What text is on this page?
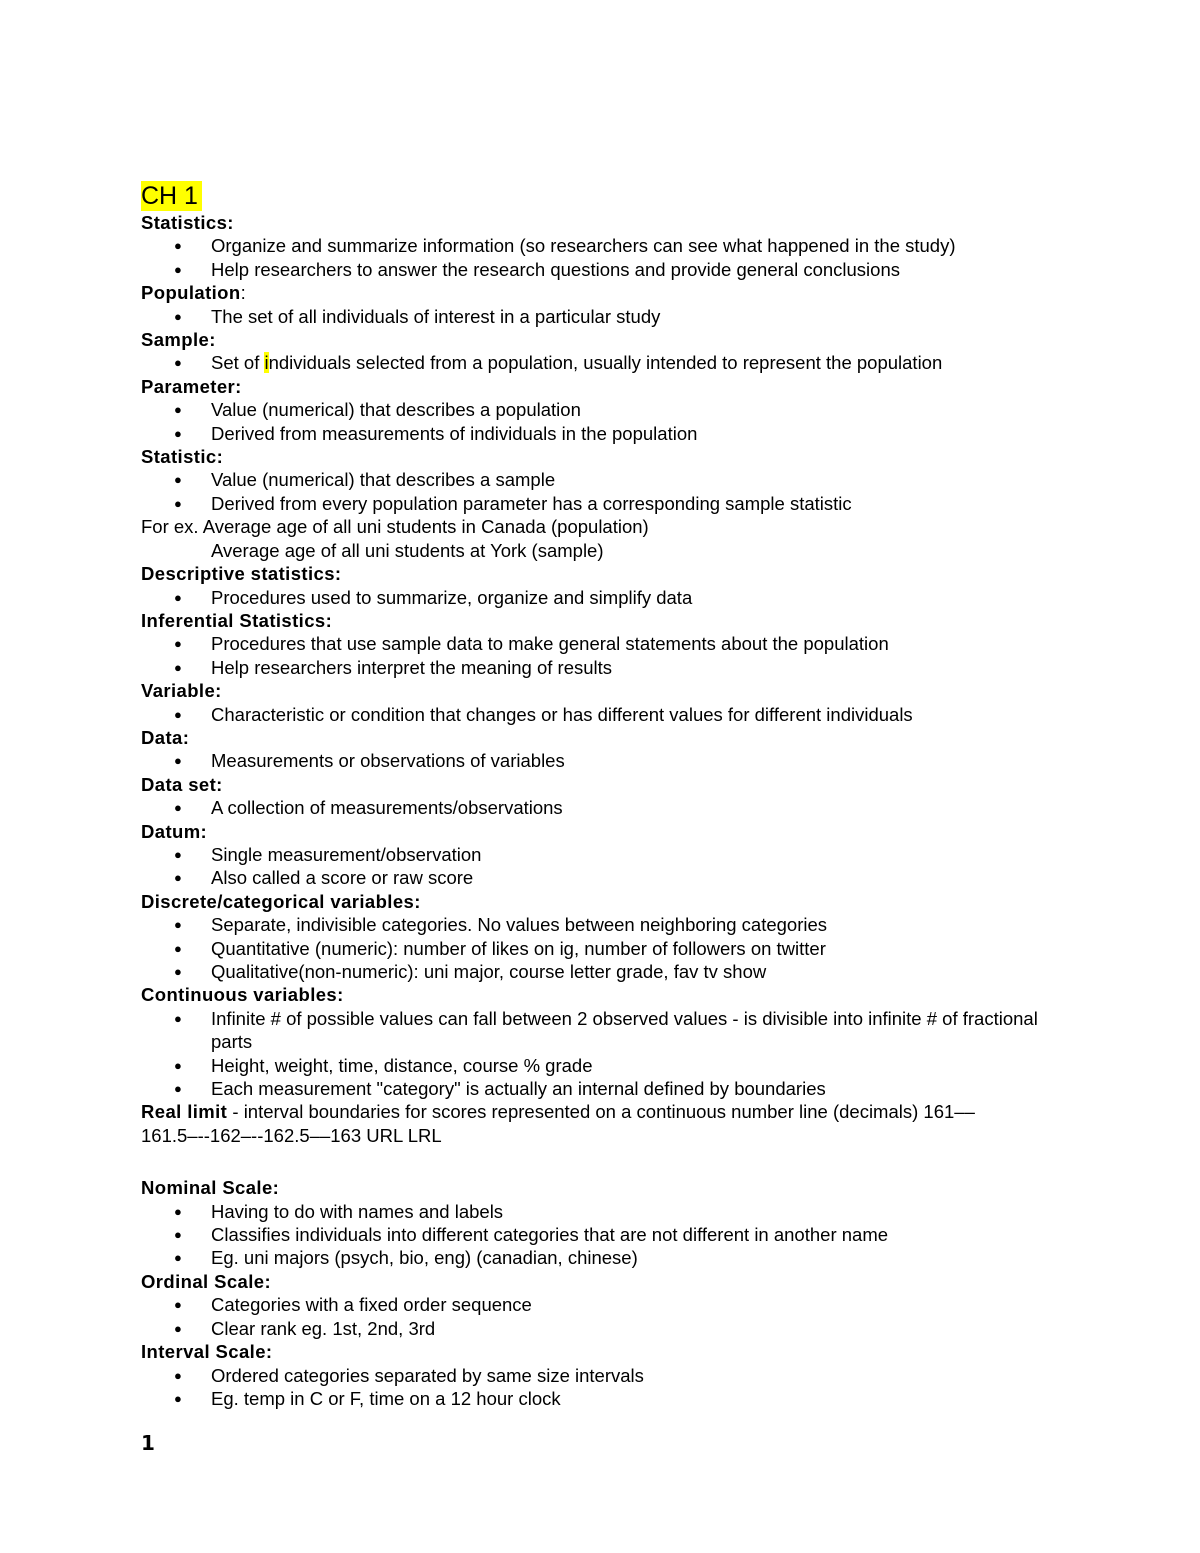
CH 1
Statistics:
● Organize and summarize information (so researchers can see what happened in the study)
● Help researchers to answer the research questions and provide general conclusions
Population:
● The set of all individuals of interest in a particular study
Sample:
● Set of individuals selected from a population, usually intended to represent the population
Parameter:
● Value (numerical) that describes a population
● Derived from measurements of individuals in the population
Statistic:
● Value (numerical) that describes a sample
● Derived from every population parameter has a corresponding sample statistic
For ex. Average age of all uni students in Canada (population)
Average age of all uni students at York (sample)
Descriptive statistics:
● Procedures used to summarize, organize and simplify data
Inferential Statistics:
● Procedures that use sample data to make general statements about the population
● Help researchers interpret the meaning of results
Variable:
● Characteristic or condition that changes or has different values for different individuals
Data:
● Measurements or observations of variables
Data set:
● A collection of measurements/observations
Datum:
● Single measurement/observation
● Also called a score or raw score
Discrete/categorical variables:
● Separate, indivisible categories. No values between neighboring categories
● Quantitative (numeric): number of likes on ig, number of followers on twitter
● Qualitative(non-numeric): uni major, course letter grade, fav tv show
Continuous variables:
● Infinite # of possible values can fall between 2 observed values - is divisible into infinite # of fractional parts
● Height, weight, time, distance, course % grade
● Each measurement "category" is actually an internal defined by boundaries
Real limit - interval boundaries for scores represented on a continuous number line (decimals) 161––
161.5–--162–--162.5––163 URL LRL
Nominal Scale:
● Having to do with names and labels
● Classifies individuals into different categories that are not different in another name
● Eg. uni majors (psych, bio, eng) (canadian, chinese)
Ordinal Scale:
● Categories with a fixed order sequence
● Clear rank eg. 1st, 2nd, 3rd
Interval Scale:
● Ordered categories separated by same size intervals
● Eg. temp in C or F, time on a 12 hour clock
1
